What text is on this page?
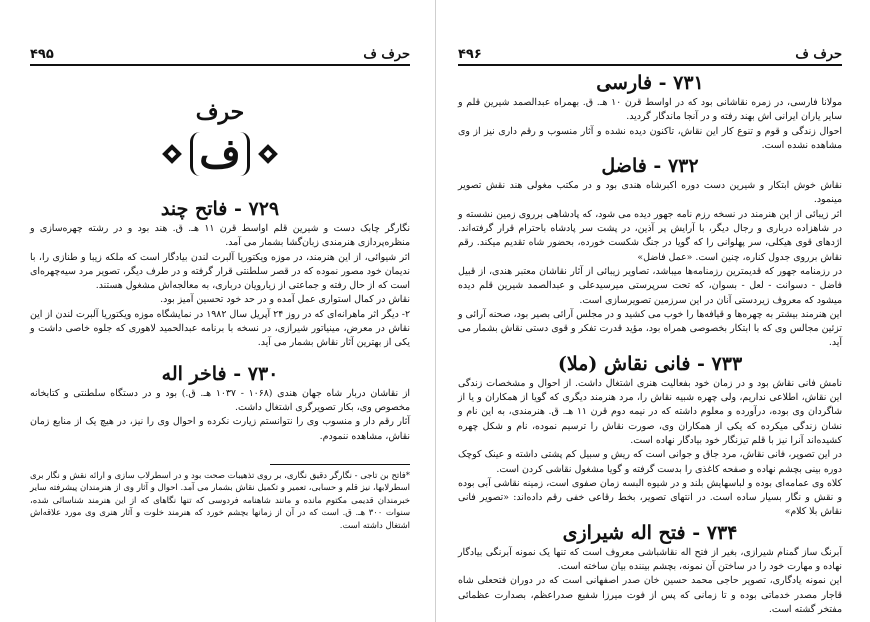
حرف ف
۴۹۵
حرف
ف
۷۲۹ - فاتح چند

نگارگر چابک دست و شیرین قلم اواسط قرن ۱۱ هـ. ق. هند بود و در رشته چهره‌سازی و منظره‌پردازی هنرمندی زبان‌گشا بشمار می آمد.

اثر شیوائی، از این هنرمند، در موزه ویکتوریا آلبرت لندن بیادگار است که ملکه زیبا و طنازی را، با ندیمان خود مصور نموده که در قصر سلطنتی قرار گرفته و در طرف دیگر، تصویر مرد سیه‌چهره‌ای است که از حال رفته و جماعتی از زیارویان درباری، به معالجه‌اش مشغول هستند.

نقاش در کمال استواری عمل آمده و در حد خود تحسین آمیز بود.

۲- دیگر اثر ماهرانه‌ای که در روز ۲۴ آپریل سال ۱۹۸۲ در نمایشگاه موزه ویکتوریا آلبرت لندن از این نقاش در معرض، مینیاتور شیرازی، در نسخه با برنامه عبدالحمید لاهوری که جلوه خاصی داشت و یکی از بهترین آثار نقاش بشمار می آید.

۷۳۰ - فاخر اله

از نقاشان دربار شاه جهان هندی (۱۰۶۸ - ۱۰۳۷ هـ. ق.) بود و در دستگاه سلطنتی و کتابخانه مخصوص وی، بکار تصویرگری اشتغال داشت.

آثار رقم دار و منسوب وی را نتوانستم زیارت نکرده و احوال وی را نیز، در هیچ یک از منابع زمان نقاش، مشاهده ننمودم.

*فاتح بن تاجی - نگارگر دقیق نگاری، بر روی تذهیبات صحت بود و در اسطرلاب سازی و ارائه نقش و نگار بری اسطرلابها، نیز قلم و حسابی، تعمیر و تکمیل نقاش بشمار می آمد. احوال و آثار وی از هنرمندان پیشرفته سایر خبرمندان قدیمی مکتوم مانده و مانند شاهنامه فردوسی که تنها نگاهای که از این هنرمند شناسائی شده، سنوات ۳۰۰ هـ. ق. است که در آن از زمانها بچشم خورد که هنرمند خلوت و آثار هنری وی مورد علاقه‌اش اشتغال داشته است.

حرف ف
۴۹۶
۷۳۱ - فارسی

مولانا فارسی، در زمره نقاشانی بود که در اواسط قرن ۱۰ هـ. ق. بهمراه عبدالصمد شیرین قلم و سایر یاران ایرانی اش بهند رفته و در آنجا ماندگار گردید.

احوال زندگی و قوم و تنوع کار این نقاش، تاکنون دیده نشده و آثار منسوب و رقم داری نیز از وی مشاهده نشده است.

۷۳۲ - فاضل

نقاش خوش ابتکار و شیرین دست دوره اکبرشاه هندی بود و در مکتب مغولی هند نقش تصویر مینمود.

اثر زیبائی از این هنرمند در نسخه رزم نامه جهور دیده می شود، که پادشاهی برروی زمین نشسته و در شاهزاده درباری و رجال دیگر، با آرایش پر آذین، در پشت سر پادشاه باحترام قرار گرفته‌اند. اژدهای قوی هیکلی، سر پهلوانی را که گویا در جنگ شکست خورده، بحضور شاه تقدیم میکند. رقم نقاش برروی جدول کناره، چنین است. «عمل فاضل»

در رزمنامه جهور که قدیمترین رزمنامه‌ها میباشد، تصاویر زیبائی از آثار نقاشان معتبر هندی، از قبیل فاضل - دسوانت - لعل - بسوان، که تحت سرپرستی میرسیدعلی و عبدالصمد شیرین قلم دیده میشود که معروف زیردستی آنان در این سرزمین تصویرسازی است.

این هنرمند بیشتر به چهره‌ها و قیافه‌ها را خوب می کشید و در مجلس آرائی بصیر بود، صحنه آرائی و تزئین مجالس وی که با ابتکار بخصوصی همراه بود، مؤید قدرت تفکر و قوی دستی نقاش بشمار می آید.

۷۳۳ - فانی نقاش (ملا)

نامش فانی نقاش بود و در زمان خود بفعالیت هنری اشتغال داشت. از احوال و مشخصات زندگی این نقاش، اطلاعی نداریم، ولی چهره شبیه نقاش را، مرد هنرمند دیگری که گویا از همکاران و یا از شاگردان وی بوده، درآورده و معلوم داشته که در نیمه دوم قرن ۱۱ هـ. ق. هنرمندی، به این نام و نشان زندگی میکرده که یکی از همکاران وی، صورت نقاش را ترسیم نموده، نام و شکل چهره کشیده‌اند آنرا نیز با قلم تیزنگار خود بیادگار نهاده است.

در این تصویر، فانی نقاش، مرد جاق و جوانی است که ریش و سبیل کم پشتی داشته و عینک کوچک دوره بینی بچشم نهاده و صفحه کاغذی را بدست گرفته و گویا مشغول نقاشی کردن است.

کلاه وی عمامه‌ای بوده و لباسهایش بلند و در شیوه البسه زمان صفوی است، زمینه نقاشی آبی بوده و نقش و نگار بسیار ساده است. در انتهای تصویر، بخط رقاعی خفی رقم داده‌اند: «تصویر فانی نقاش بلا کلام»

۷۳۴ - فتح اله شیرازی

آبرنگ ساز گمنام شیرازی، بغیر از فتح اله نقاشباشی معروف است که تنها یک نمونه آبرنگی بیادگار نهاده و مهارت خود را در ساختن آن نمونه، بچشم بیننده بیان ساخته است.

این نمونه یادگاری، تصویر حاجی محمد حسین خان صدر اصفهانی است که در دوران فتحعلی شاه قاجار مصدر خدماتی بوده و تا زمانی که پس از فوت میرزا شفیع صدراعظم، بصدارت عظمائی مفتخر گشته است.
